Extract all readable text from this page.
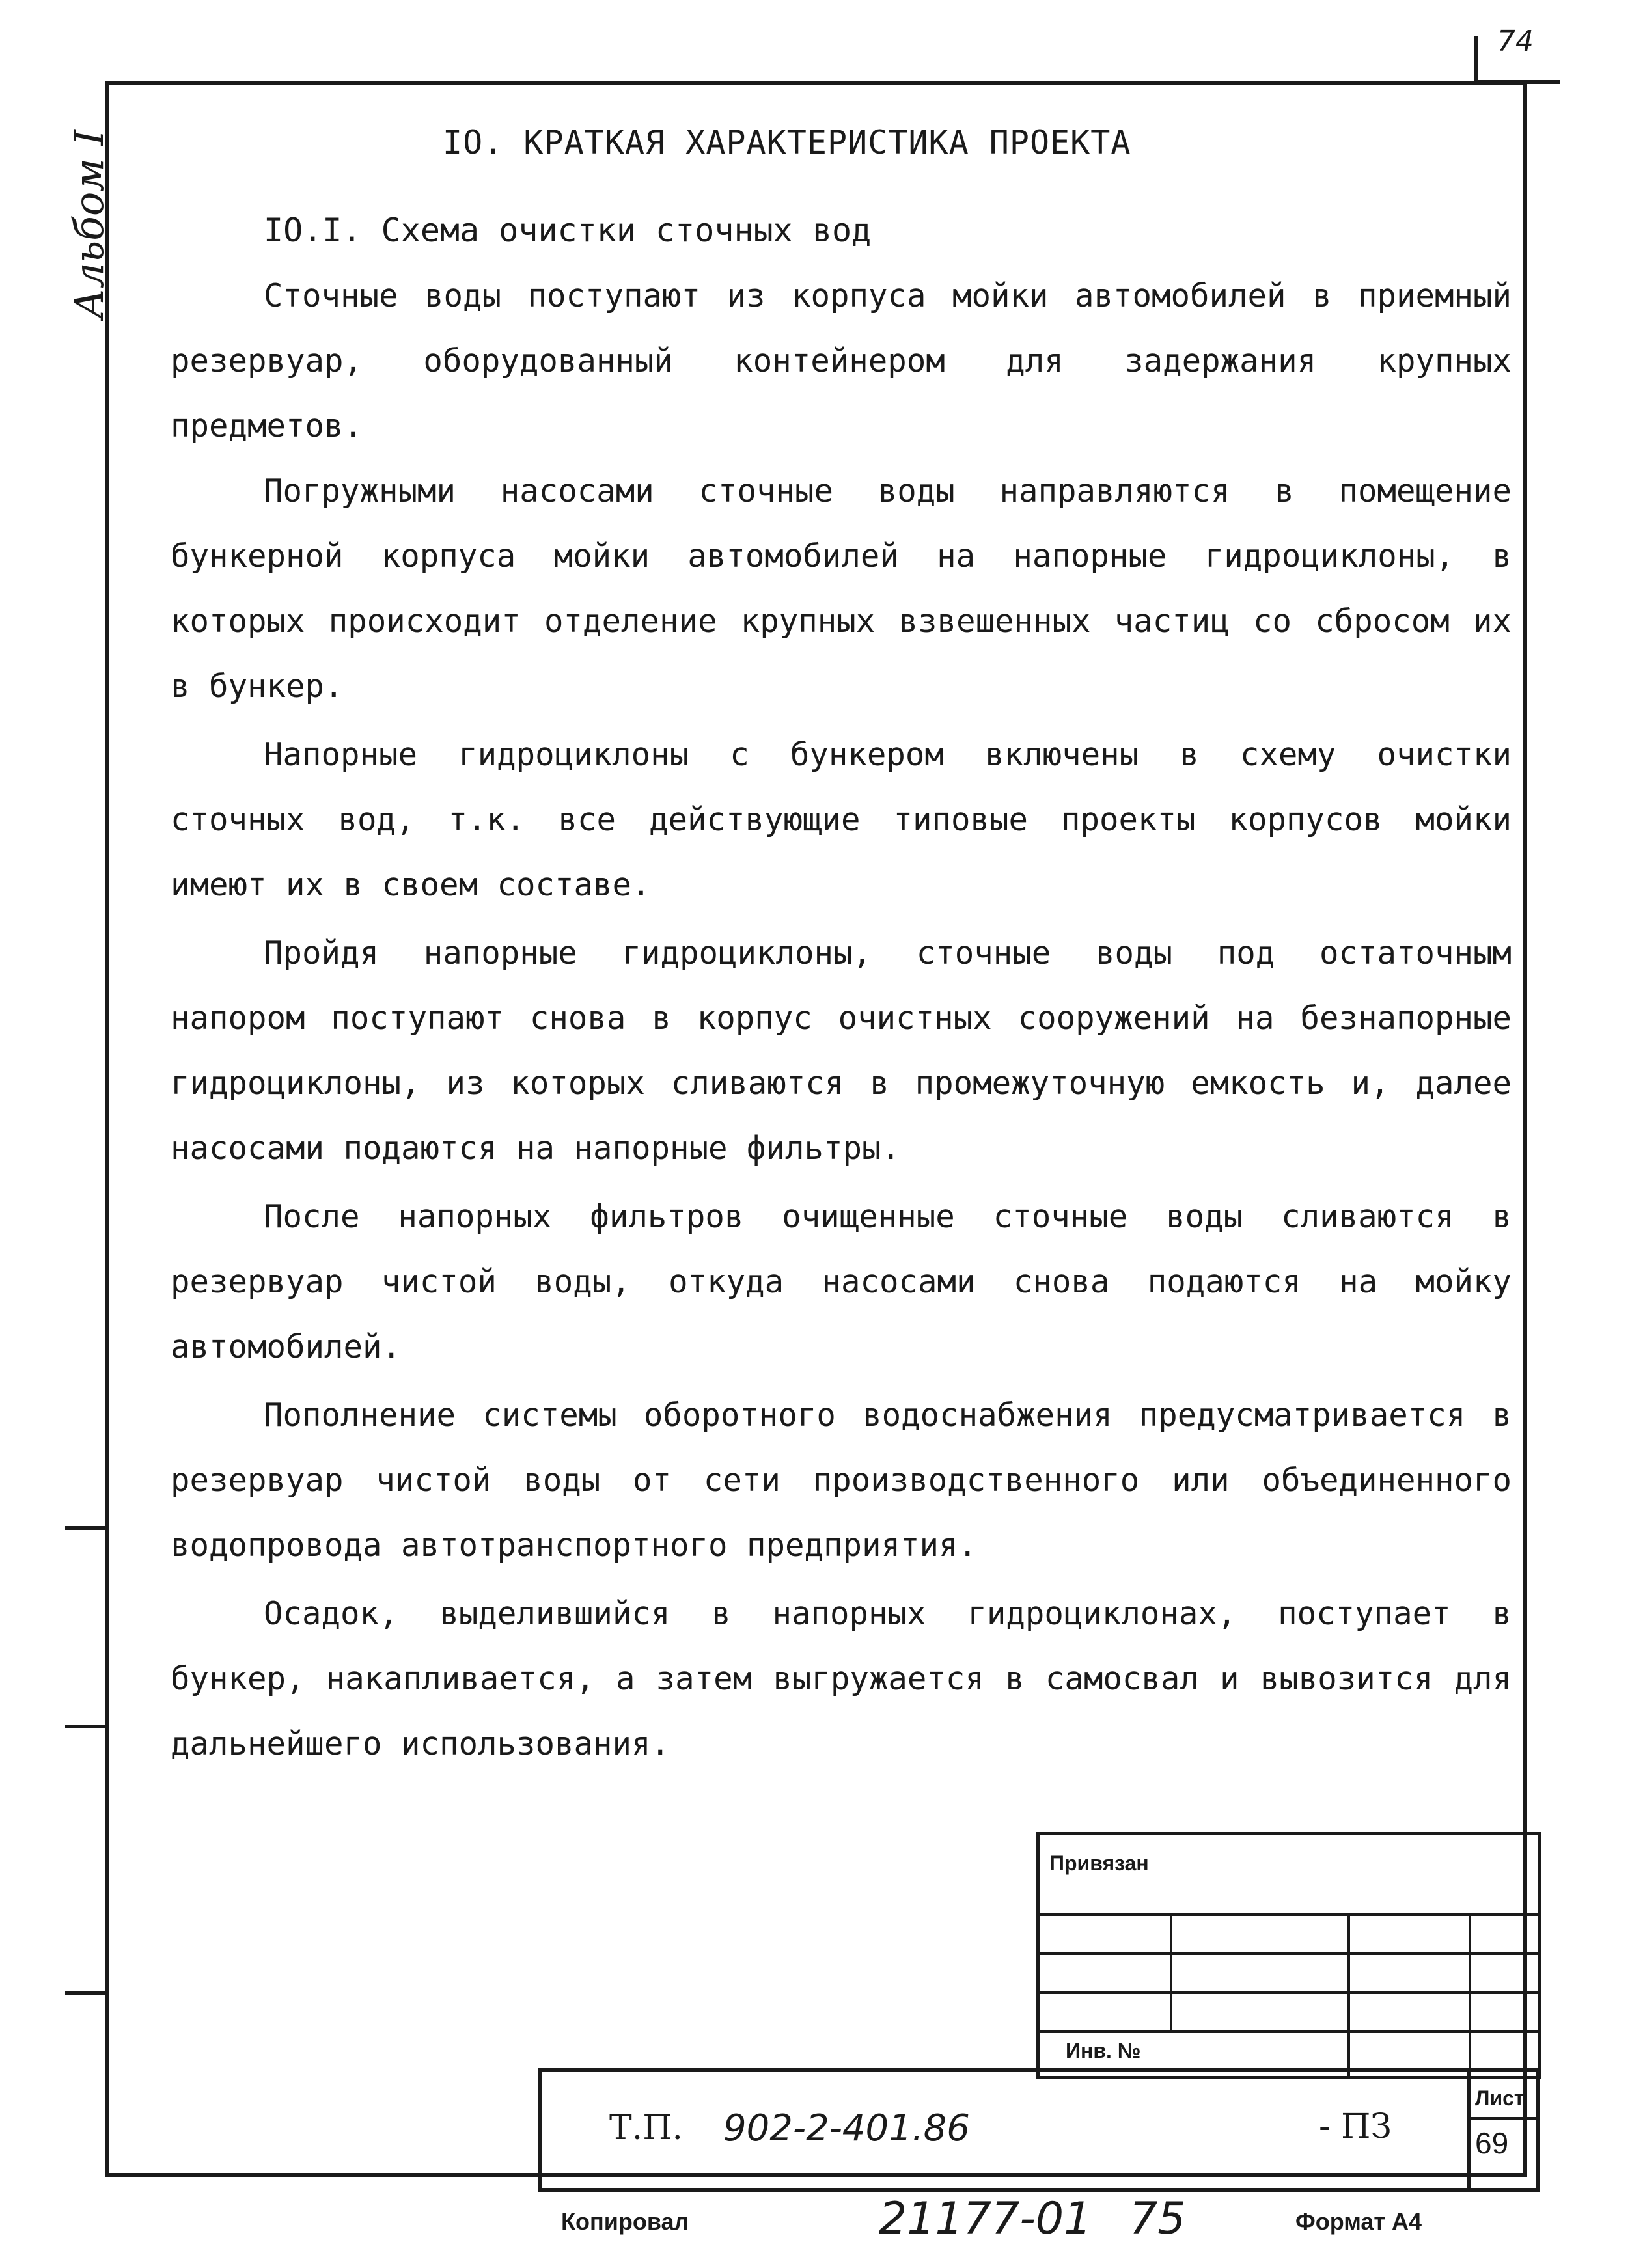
74
Альбом I	IO. КРАТКАЯ ХАРАКТЕРИСТИКА ПРОЕКТА
IO.I. Схема очистки сточных вод
Сточные воды поступают из корпуса мойки автомобилей в приемный резервуар, оборудованный контейнером для задержания крупных предметов.
Погружными насосами сточные воды направляются в помещение бункерной корпуса мойки автомобилей на напорные гидроциклоны, в которых происходит отделение крупных взвешенных частиц со сбросом их в бункер.
Напорные гидроциклоны с бункером включены в схему очистки сточных вод, т.к. все действующие типовые проекты корпусов мойки имеют их в своем составе.
Пройдя напорные гидроциклоны, сточные воды под остаточным напором поступают снова в корпус очистных сооружений на безнапорные гидроциклоны, из которых сливаются в промежуточную емкость и, далее насосами подаются на напорные фильтры.
После напорных фильтров очищенные сточные воды сливаются в резервуар чистой воды, откуда насосами снова подаются на мойку автомобилей.
Пополнение системы оборотного водоснабжения предусматривается в резервуар чистой воды от сети производственного или объединенного водопровода автотранспортного предприятия.
Осадок, выделившийся в напорных гидроциклонах, поступает в бункер, накапливается, а затем выгружается в самосвал и вывозится для дальнейшего использования.
Привязан
Инв. №
Т.П. 902-2-401.86	- ПЗ
Лист
69
Копировал	21177-01 75	Формат А4
